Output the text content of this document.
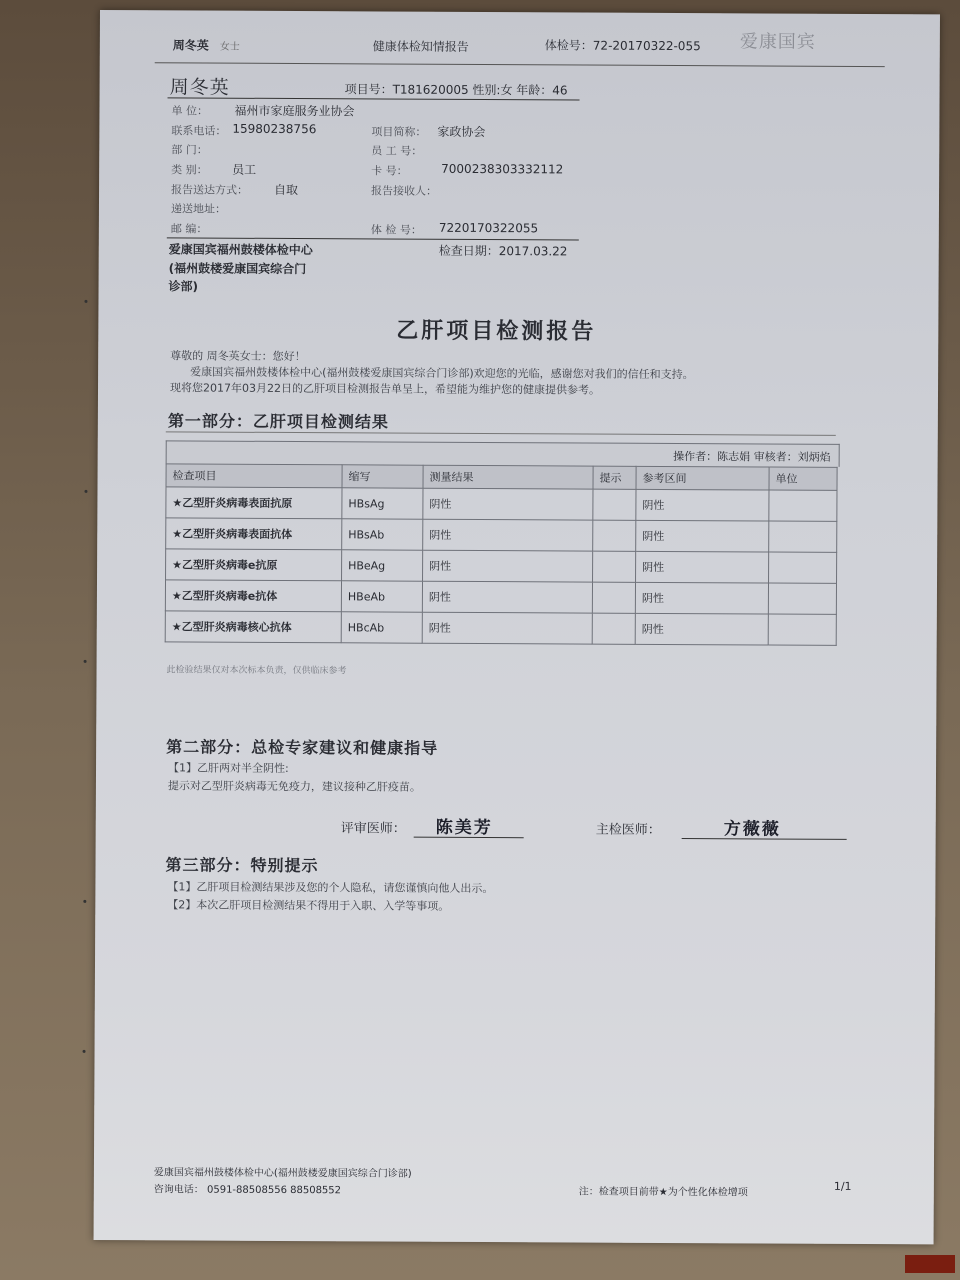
周冬英 女士	健康体检知情报告	体检号：72-20170322-055 爱康国宾
周冬英	项目号：T181620005 性别:女 年龄：46
单 位： 福州市家庭服务业协会
联系电话： 15980238756	项目简称： 家政协会
部 门：	员 工 号：
类 别： 员工	卡 号：	7000238303332112
报告送达方式： 自取	报告接收人：
递送地址：
邮 编：	体 检 号： 7220170322055
爱康国宾福州鼓楼体检中心
(福州鼓楼爱康国宾综合门
诊部)
检查日期：2017.03.22
乙肝项目检测报告
尊敬的 周冬英女士：您好！
爱康国宾福州鼓楼体检中心(福州鼓楼爱康国宾综合门诊部)欢迎您的光临，感谢您对我们的信任和支持。
现将您2017年03月22日的乙肝项目检测报告单呈上，希望能为维护您的健康提供参考。
第一部分：乙肝项目检测结果
操作者：陈志娟 审核者：刘炳焰
检查项目	缩写	测量结果	提示	参考区间	单位
★乙型肝炎病毒表面抗原	HBsAg	阴性		阴性	
★乙型肝炎病毒表面抗体	HBsAb	阴性		阴性	
★乙型肝炎病毒e抗原	HBeAg	阴性		阴性	
★乙型肝炎病毒e抗体	HBeAb	阴性		阴性	
★乙型肝炎病毒核心抗体	HBcAb	阴性		阴性	
此检验结果仅对本次标本负责，仅供临床参考
第二部分：总检专家建议和健康指导
【1】乙肝两对半全阴性:
提示对乙型肝炎病毒无免疫力，建议接种乙肝疫苗。
评审医师： 陈美芳	主检医师：	方薇薇
第三部分：特别提示
【1】乙肝项目检测结果涉及您的个人隐私，请您谨慎向他人出示。
【2】本次乙肝项目检测结果不得用于入职、入学等事项。
爱康国宾福州鼓楼体检中心(福州鼓楼爱康国宾综合门诊部)
咨询电话： 0591-88508556 88508552	注：检查项目前带★为个性化体检增项	1/1
